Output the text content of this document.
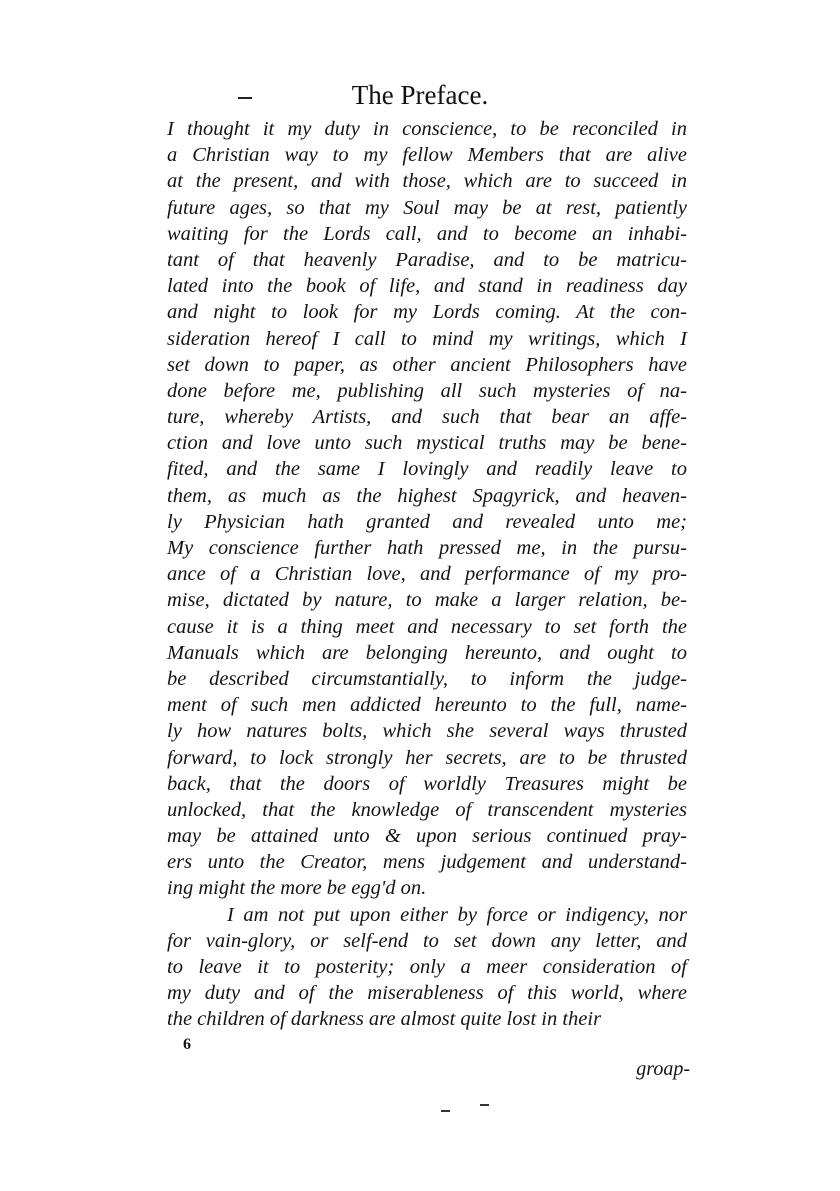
The Preface.
I thought it my duty in conscience, to be reconciled in
a Christian way to my fellow Members that are alive
at the present, and with those, which are to succeed in
future ages, so that my Soul may be at rest, patiently
waiting for the Lords call, and to become an inhabi-
tant of that heavenly Paradise, and to be matricu-
lated into the book of life, and stand in readiness day
and night to look for my Lords coming. At the con-
sideration hereof I call to mind my writings, which I
set down to paper, as other ancient Philosophers have
done before me, publishing all such mysteries of na-
ture, whereby Artists, and such that bear an affe-
ction and love unto such mystical truths may be bene-
fited, and the same I lovingly and readily leave to
them, as much as the highest Spagyrick, and heaven-
ly Physician hath granted and revealed unto me;
My conscience further hath pressed me, in the pursu-
ance of a Christian love, and performance of my pro-
mise, dictated by nature, to make a larger relation, be-
cause it is a thing meet and necessary to set forth the
Manuals which are belonging hereunto, and ought to
be described circumstantially, to inform the judge-
ment of such men addicted hereunto to the full, name-
ly how natures bolts, which she several ways thrusted
forward, to lock strongly her secrets, are to be thrusted
back, that the doors of worldly Treasures might be
unlocked, that the knowledge of transcendent mysteries
may be attained unto & upon serious continued pray-
ers unto the Creator, mens judgement and understand-
ing might the more be egg'd on.
I am not put upon either by force or indigency, nor
for vain-glory, or self-end to set down any letter, and
to leave it to posterity; only a meer consideration of
my duty and of the miserableness of this world, where
the children of darkness are almost quite lost in their
6
groap-
